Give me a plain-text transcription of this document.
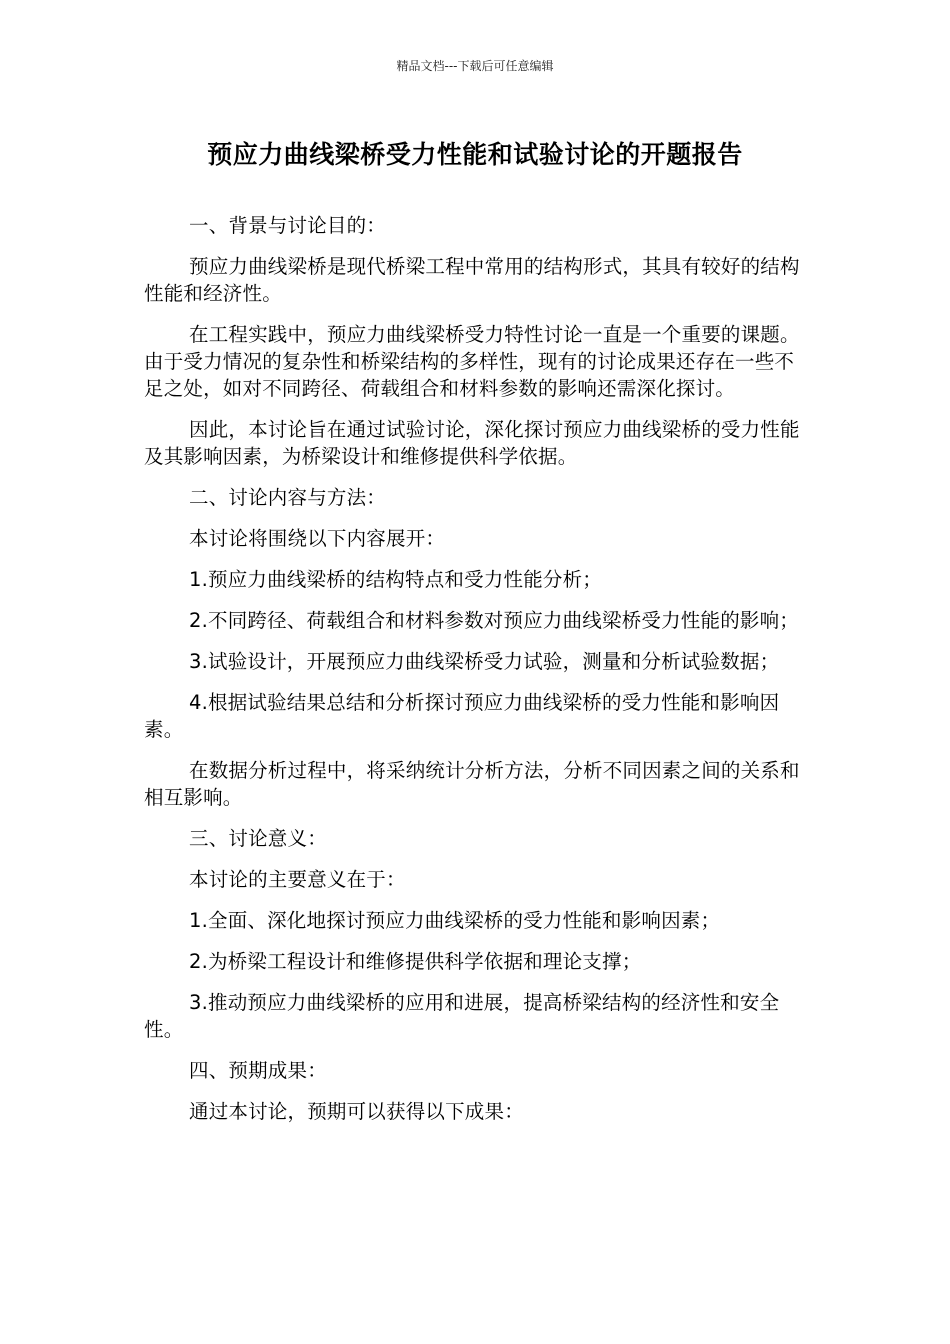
精品文档---下载后可任意编辑
预应力曲线梁桥受力性能和试验讨论的开题报告

一、背景与讨论目的：

预应力曲线梁桥是现代桥梁工程中常用的结构形式，其具有较好的结构性能和经济性。

在工程实践中，预应力曲线梁桥受力特性讨论一直是一个重要的课题。由于受力情况的复杂性和桥梁结构的多样性，现有的讨论成果还存在一些不足之处，如对不同跨径、荷载组合和材料参数的影响还需深化探讨。

因此，本讨论旨在通过试验讨论，深化探讨预应力曲线梁桥的受力性能及其影响因素，为桥梁设计和维修提供科学依据。

二、讨论内容与方法：

本讨论将围绕以下内容展开：

1.预应力曲线梁桥的结构特点和受力性能分析；

2.不同跨径、荷载组合和材料参数对预应力曲线梁桥受力性能的影响；

3.试验设计，开展预应力曲线梁桥受力试验，测量和分析试验数据；

4.根据试验结果总结和分析探讨预应力曲线梁桥的受力性能和影响因素。

在数据分析过程中，将采纳统计分析方法，分析不同因素之间的关系和相互影响。

三、讨论意义：

本讨论的主要意义在于：

1.全面、深化地探讨预应力曲线梁桥的受力性能和影响因素；

2.为桥梁工程设计和维修提供科学依据和理论支撑；

3.推动预应力曲线梁桥的应用和进展，提高桥梁结构的经济性和安全性。

四、预期成果：

通过本讨论，预期可以获得以下成果：
